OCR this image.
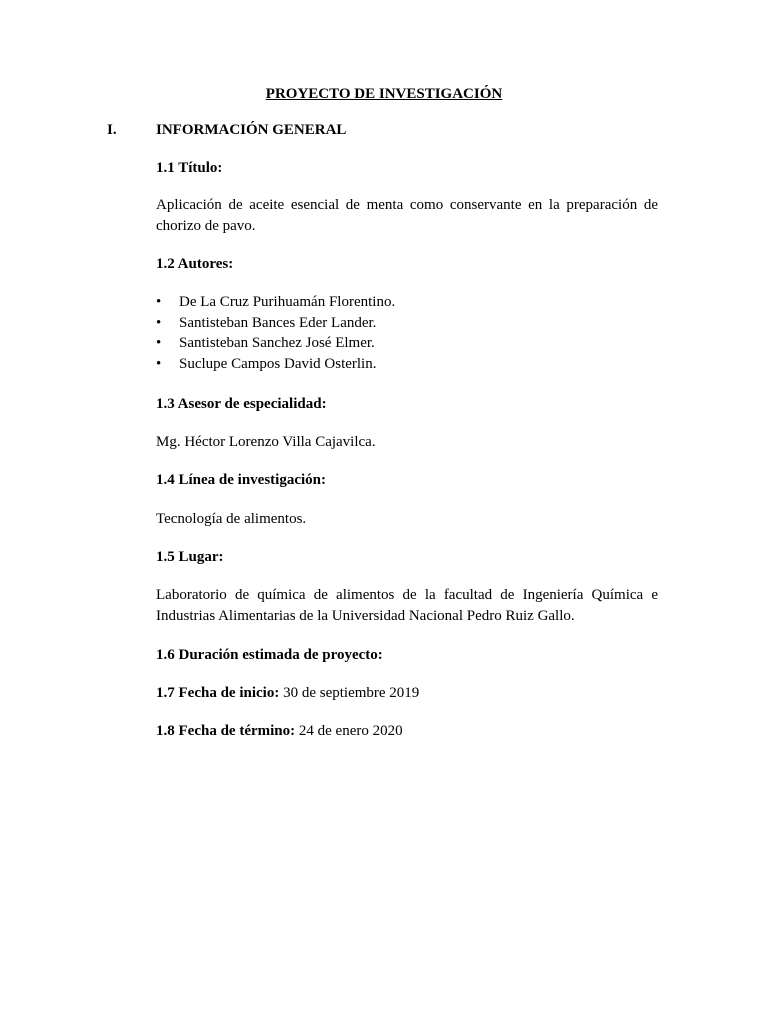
PROYECTO DE INVESTIGACIÓN
I.	INFORMACIÓN GENERAL
1.1 Título:
Aplicación de aceite esencial de menta como conservante en la preparación de chorizo de pavo.
1.2 Autores:
• De La Cruz Purihuamán Florentino.
• Santisteban Bances Eder Lander.
• Santisteban Sanchez José Elmer.
• Suclupe Campos David Osterlin.
1.3 Asesor de especialidad:
Mg. Héctor Lorenzo Villa Cajavilca.
1.4 Línea de investigación:
Tecnología de alimentos.
1.5 Lugar:
Laboratorio de química de alimentos de la facultad de Ingeniería Química e Industrias Alimentarias de la Universidad Nacional Pedro Ruiz Gallo.
1.6 Duración estimada de proyecto:
1.7 Fecha de inicio: 30 de septiembre 2019
1.8 Fecha de término: 24 de enero 2020
